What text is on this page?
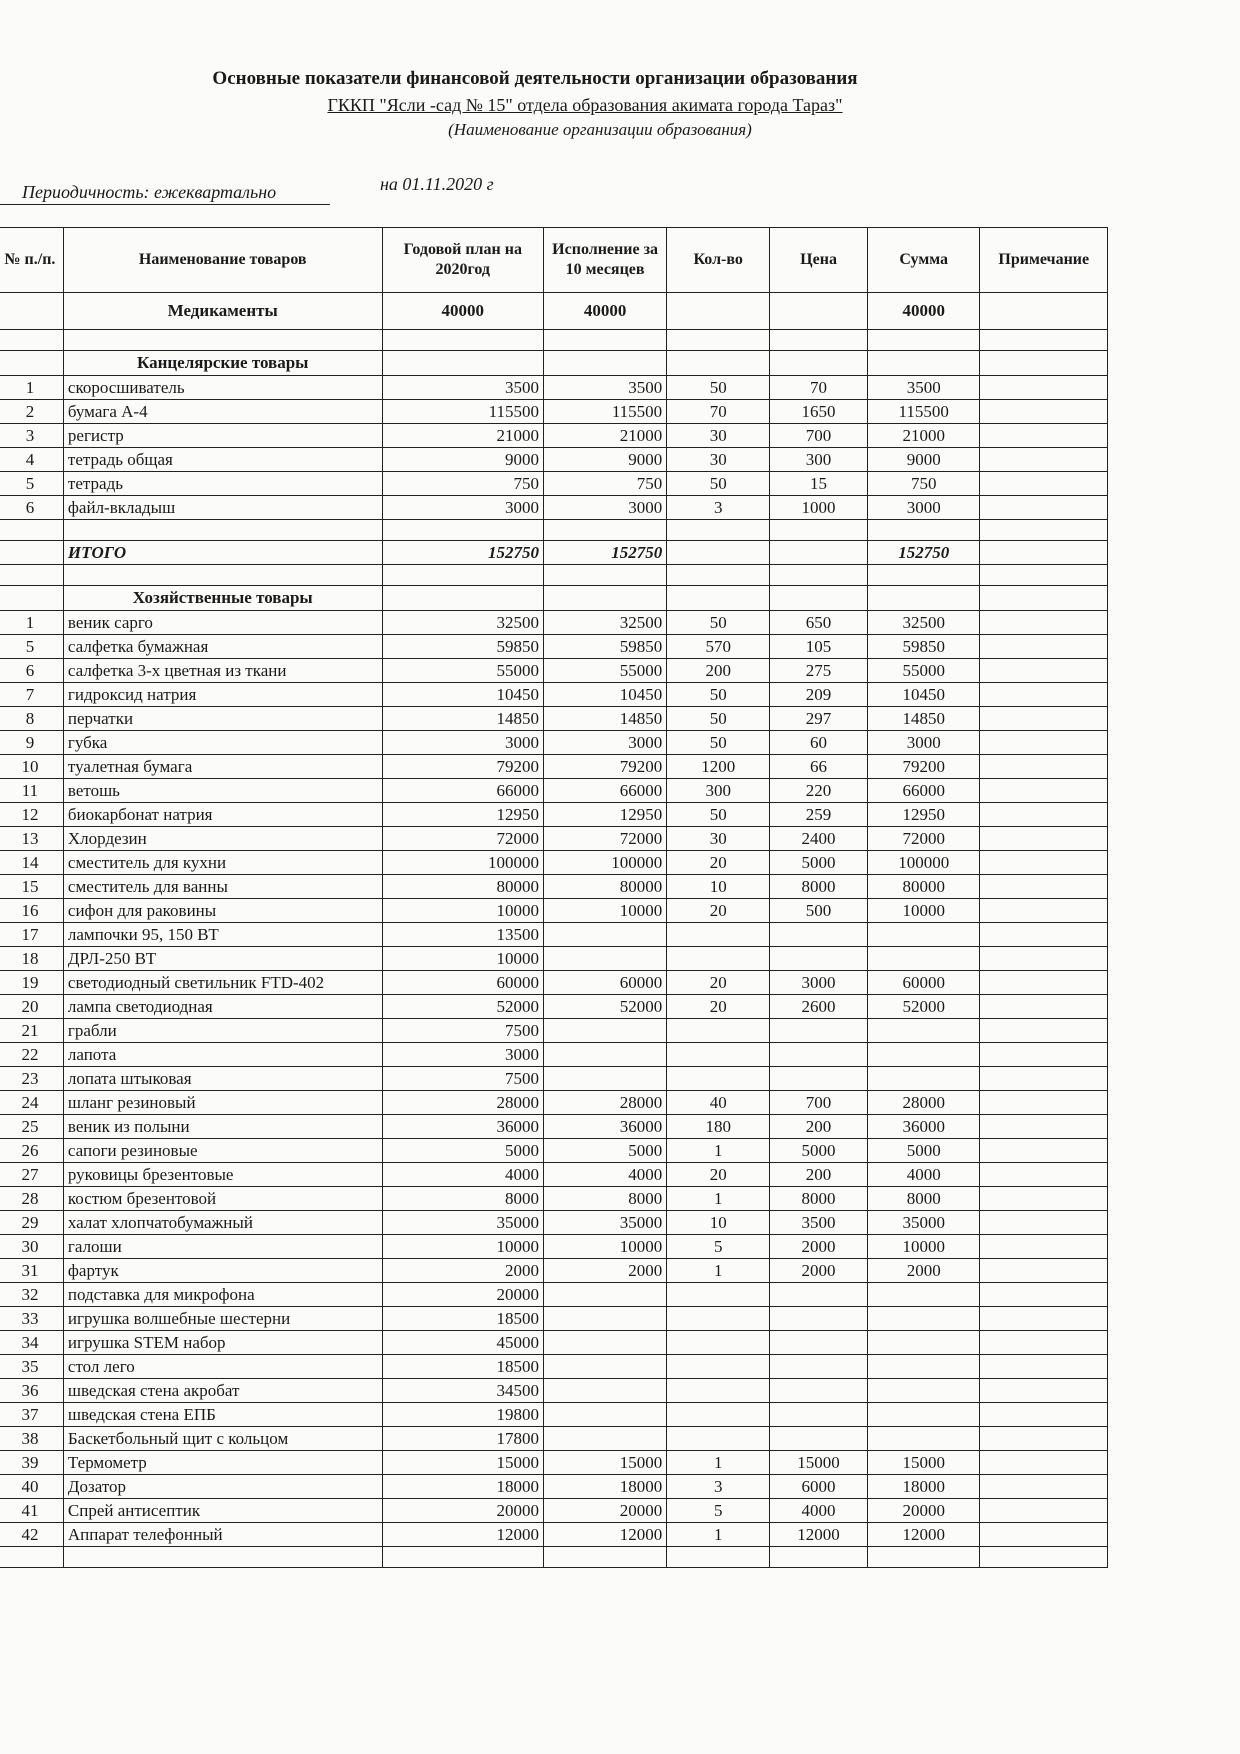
Основные показатели финансовой деятельности организации образования
ГККП "Ясли -сад № 15" отдела образования акимата города Тараз"
(Наименование организации образования)
Периодичность: ежеквартально	на 01.11.2020 г
№ п./п.	Наименование товаров	Годовой план на 2020год	Исполнение за 10 месяцев	Кол-во	Цена	Сумма	Примечание
	Медикаменты	40000	40000			40000	

	Канцелярские товары						
1	скоросшиватель	3500	3500	50	70	3500	
2	бумага А-4	115500	115500	70	1650	115500	
3	регистр	21000	21000	30	700	21000	
4	тетрадь общая	9000	9000	30	300	9000	
5	тетрадь	750	750	50	15	750	
6	файл-вкладыш	3000	3000	3	1000	3000	

	ИТОГО	152750	152750			152750	

	Хозяйственные товары						
1	веник сарго	32500	32500	50	650	32500	
5	салфетка бумажная	59850	59850	570	105	59850	
6	салфетка 3-х цветная из ткани	55000	55000	200	275	55000	
7	гидроксид натрия	10450	10450	50	209	10450	
8	перчатки	14850	14850	50	297	14850	
9	губка	3000	3000	50	60	3000	
10	туалетная бумага	79200	79200	1200	66	79200	
11	ветошь	66000	66000	300	220	66000	
12	биокарбонат натрия	12950	12950	50	259	12950	
13	Хлордезин	72000	72000	30	2400	72000	
14	сместитель для кухни	100000	100000	20	5000	100000	
15	сместитель для ванны	80000	80000	10	8000	80000	
16	сифон для раковины	10000	10000	20	500	10000	
17	лампочки 95, 150 ВТ	13500					
18	ДРЛ-250 ВТ	10000					
19	светодиодный светильник FTD-402	60000	60000	20	3000	60000	
20	лампа светодиодная	52000	52000	20	2600	52000	
21	грабли	7500					
22	лапота	3000					
23	лопата штыковая	7500					
24	шланг резиновый	28000	28000	40	700	28000	
25	веник из полыни	36000	36000	180	200	36000	
26	сапоги резиновые	5000	5000	1	5000	5000	
27	руковицы брезентовые	4000	4000	20	200	4000	
28	костюм брезентовой	8000	8000	1	8000	8000	
29	халат хлопчатобумажный	35000	35000	10	3500	35000	
30	галоши	10000	10000	5	2000	10000	
31	фартук	2000	2000	1	2000	2000	
32	подставка для микрофона	20000					
33	игрушка волшебные шестерни	18500					
34	игрушка STEM набор	45000					
35	стол лего	18500					
36	шведская стена акробат	34500					
37	шведская стена ЕПБ	19800					
38	Баскетбольный щит с кольцом	17800					
39	Термометр	15000	15000	1	15000	15000	
40	Дозатор	18000	18000	3	6000	18000	
41	Спрей антисептик	20000	20000	5	4000	20000	
42	Аппарат телефонный	12000	12000	1	12000	12000	
